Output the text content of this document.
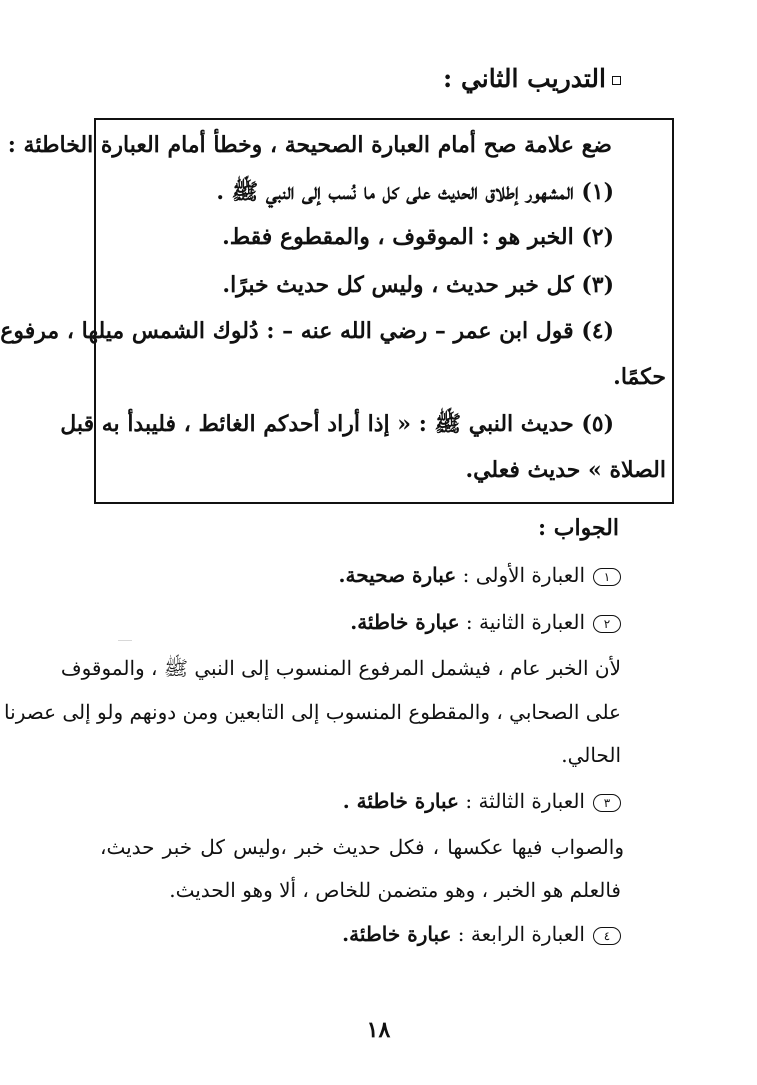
التدريب الثاني :
ضع علامة صح أمام العبارة الصحيحة ، وخطأ أمام العبارة الخاطئة :
(١) المشهور إطلاق الحديث على كل ما نُسب إلى النبي ﷺ .
(٢) الخبر هو : الموقوف ، والمقطوع فقط.
(٣) كل خبر حديث ، وليس كل حديث خبرًا.
(٤) قول ابن عمر – رضي الله عنه – : دُلوك الشمس ميلها ، مرفوع
حكمًا.
(٥) حديث النبي ﷺ : « إذا أراد أحدكم الغائط ، فليبدأ به قبل
الصلاة » حديث فعلي.
الجواب :
١العبارة الأولى : عبارة صحيحة.
٢العبارة الثانية : عبارة خاطئة.
لأن الخبر عام ، فيشمل المرفوع المنسوب إلى النبي ﷺ ، والموقوف
على الصحابي ، والمقطوع المنسوب إلى التابعين ومن دونهم ولو إلى عصرنا
الحالي.
٣العبارة الثالثة : عبارة خاطئة .
والصواب فيها عكسها ، فكل حديث خبر ،وليس كل خبر حديث،
فالعلم هو الخبر ، وهو متضمن للخاص ، ألا وهو الحديث.
٤العبارة الرابعة : عبارة خاطئة.
١٨
